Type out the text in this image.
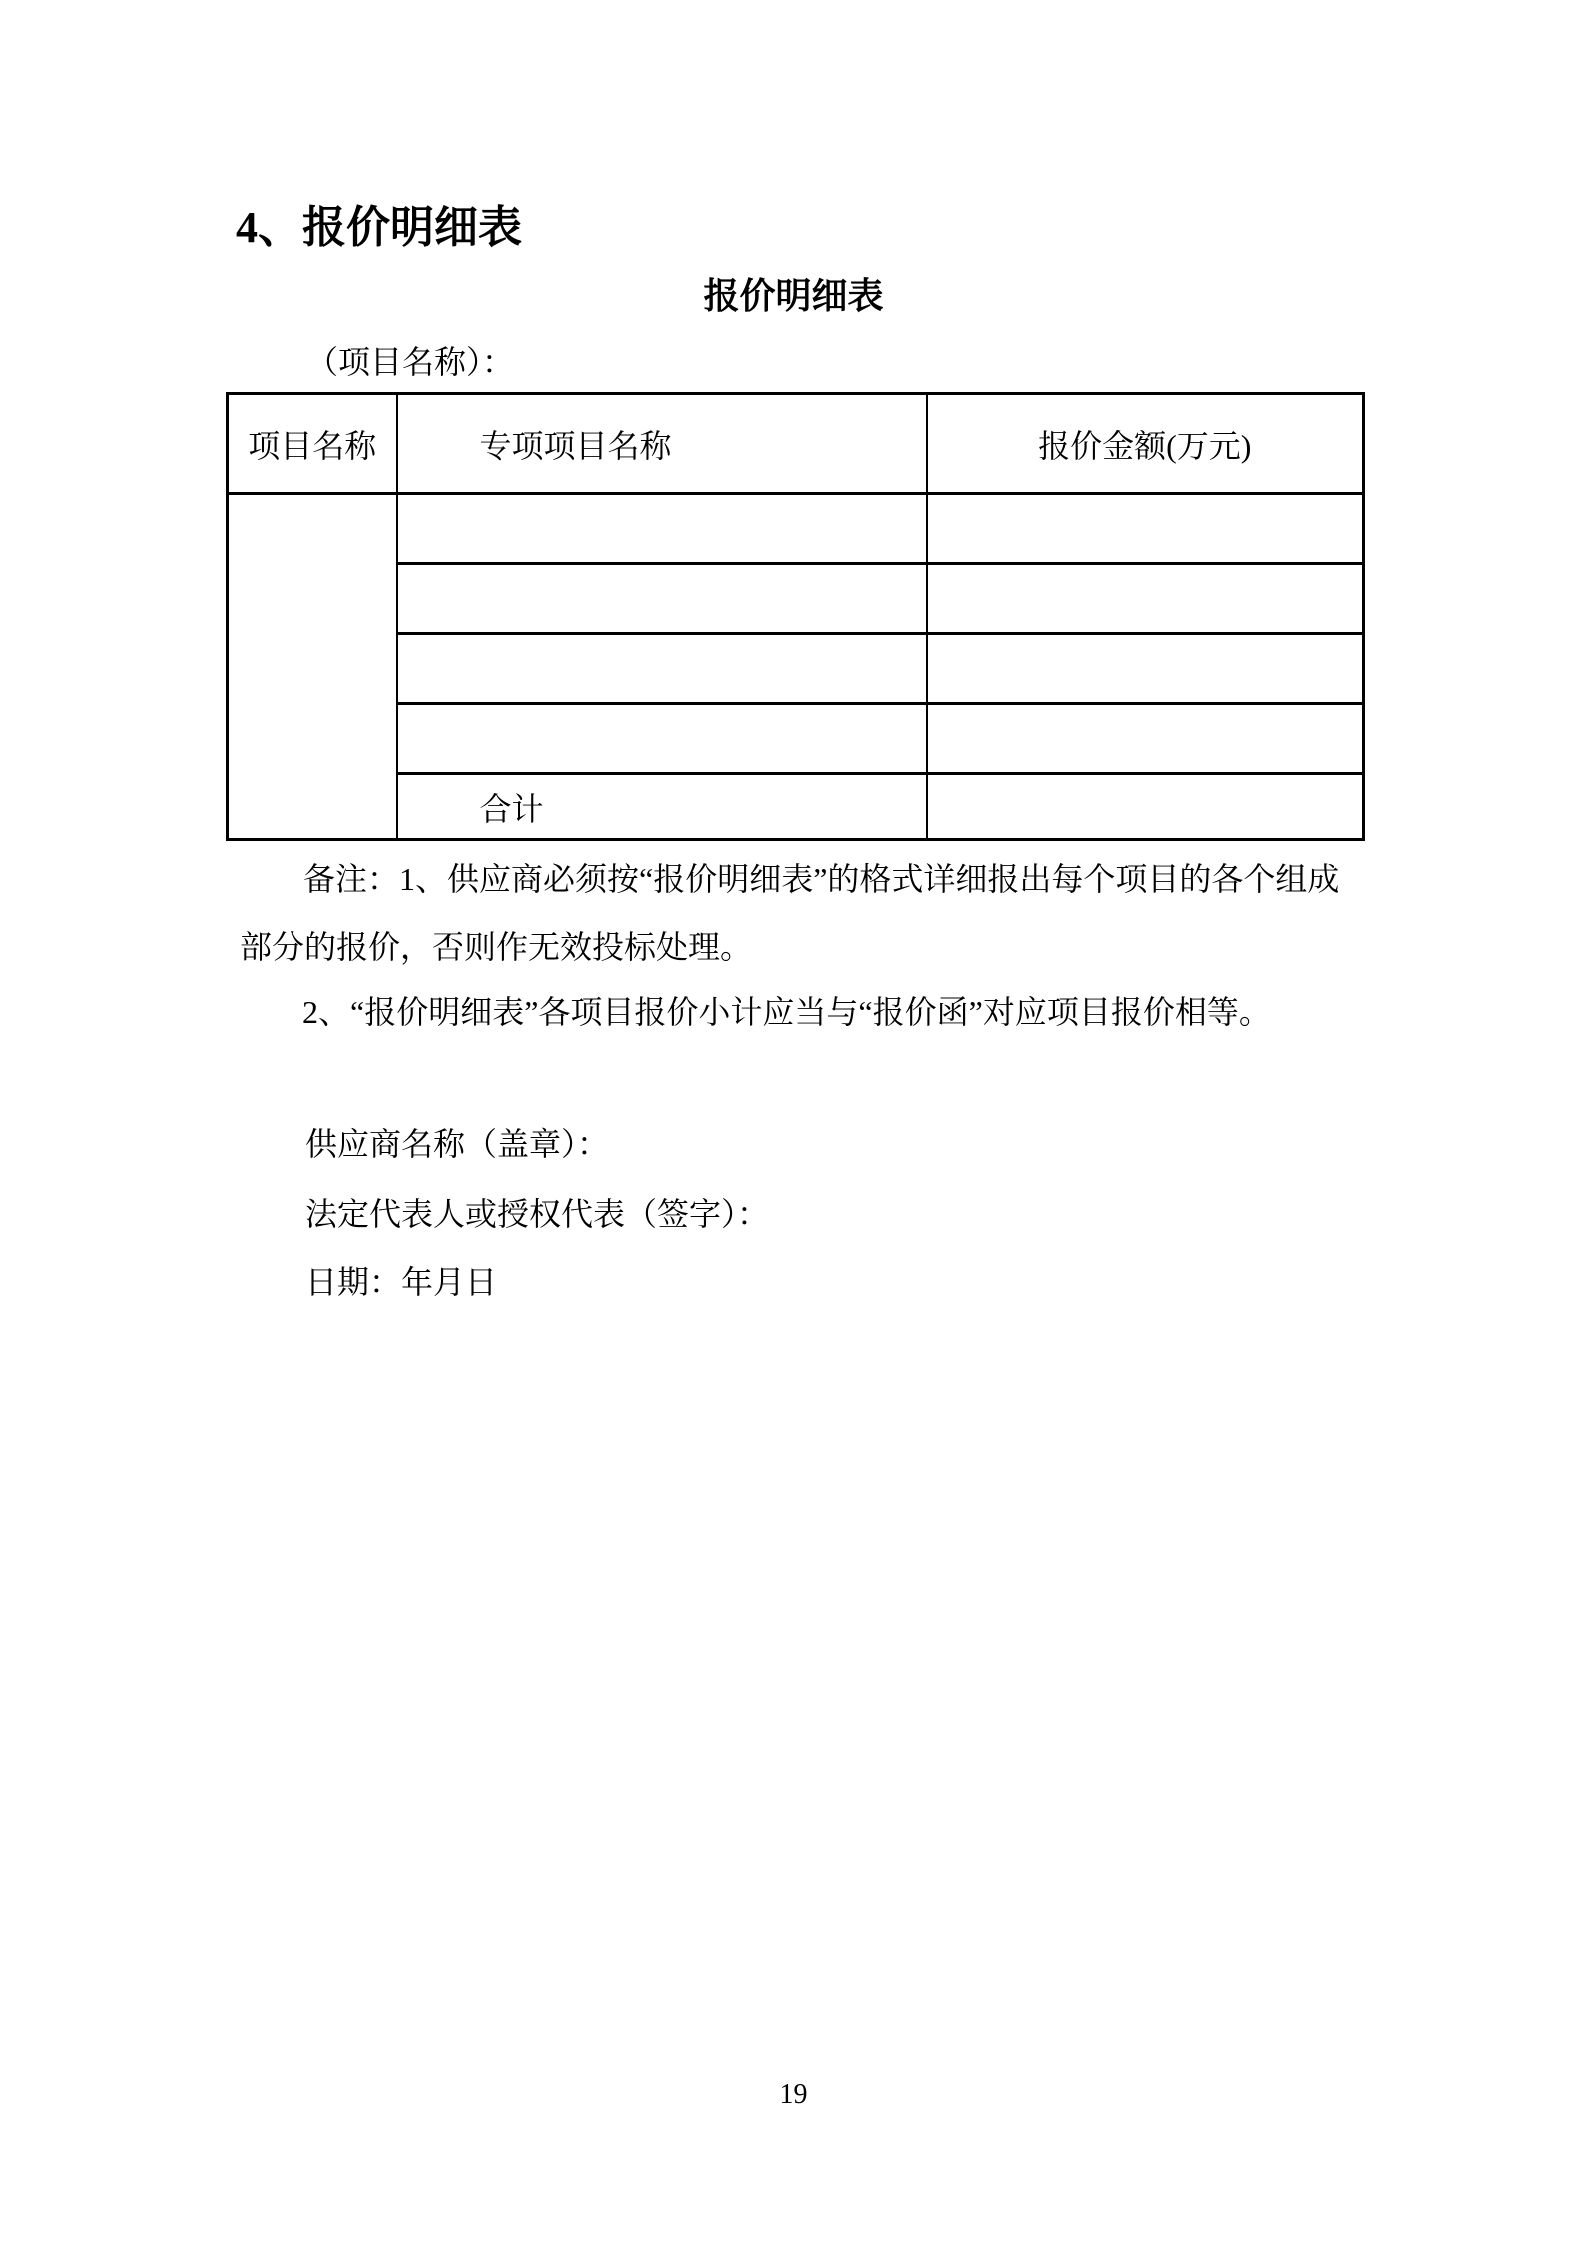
4、报价明细表
报价明细表
（项目名称）：
项目名称	专项项目名称	报价金额(万元)

	合计	
备注：1、供应商必须按“报价明细表”的格式详细报出每个项目的各个组成
部分的报价，否则作无效投标处理。
2、“报价明细表”各项目报价小计应当与“报价函”对应项目报价相等。
供应商名称（盖章）：
法定代表人或授权代表（签字）：
日期：年月日
19
